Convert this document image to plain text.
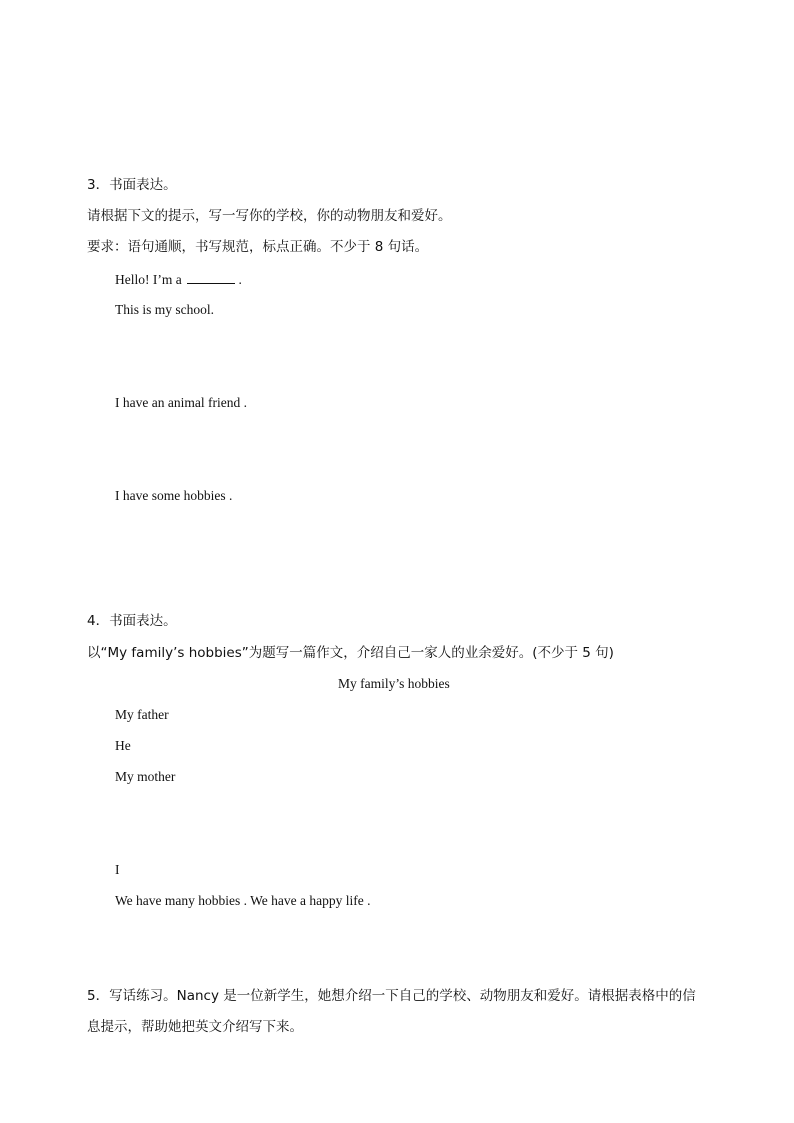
3．书面表达。
请根据下文的提示，写一写你的学校，你的动物朋友和爱好。
要求：语句通顺，书写规范，标点正确。不少于 8 句话。
Hello! I’m a	.
This is my school.
I have an animal friend .
I have some hobbies .
4．书面表达。
以“My family’s hobbies”为题写一篇作文，介绍自己一家人的业余爱好。(不少于 5 句)
My family’s hobbies
My father
He
My mother
I
We have many hobbies . We have a happy life .
5．写话练习。Nancy 是一位新学生，她想介绍一下自己的学校、动物朋友和爱好。请根据表格中的信
息提示，帮助她把英文介绍写下来。
